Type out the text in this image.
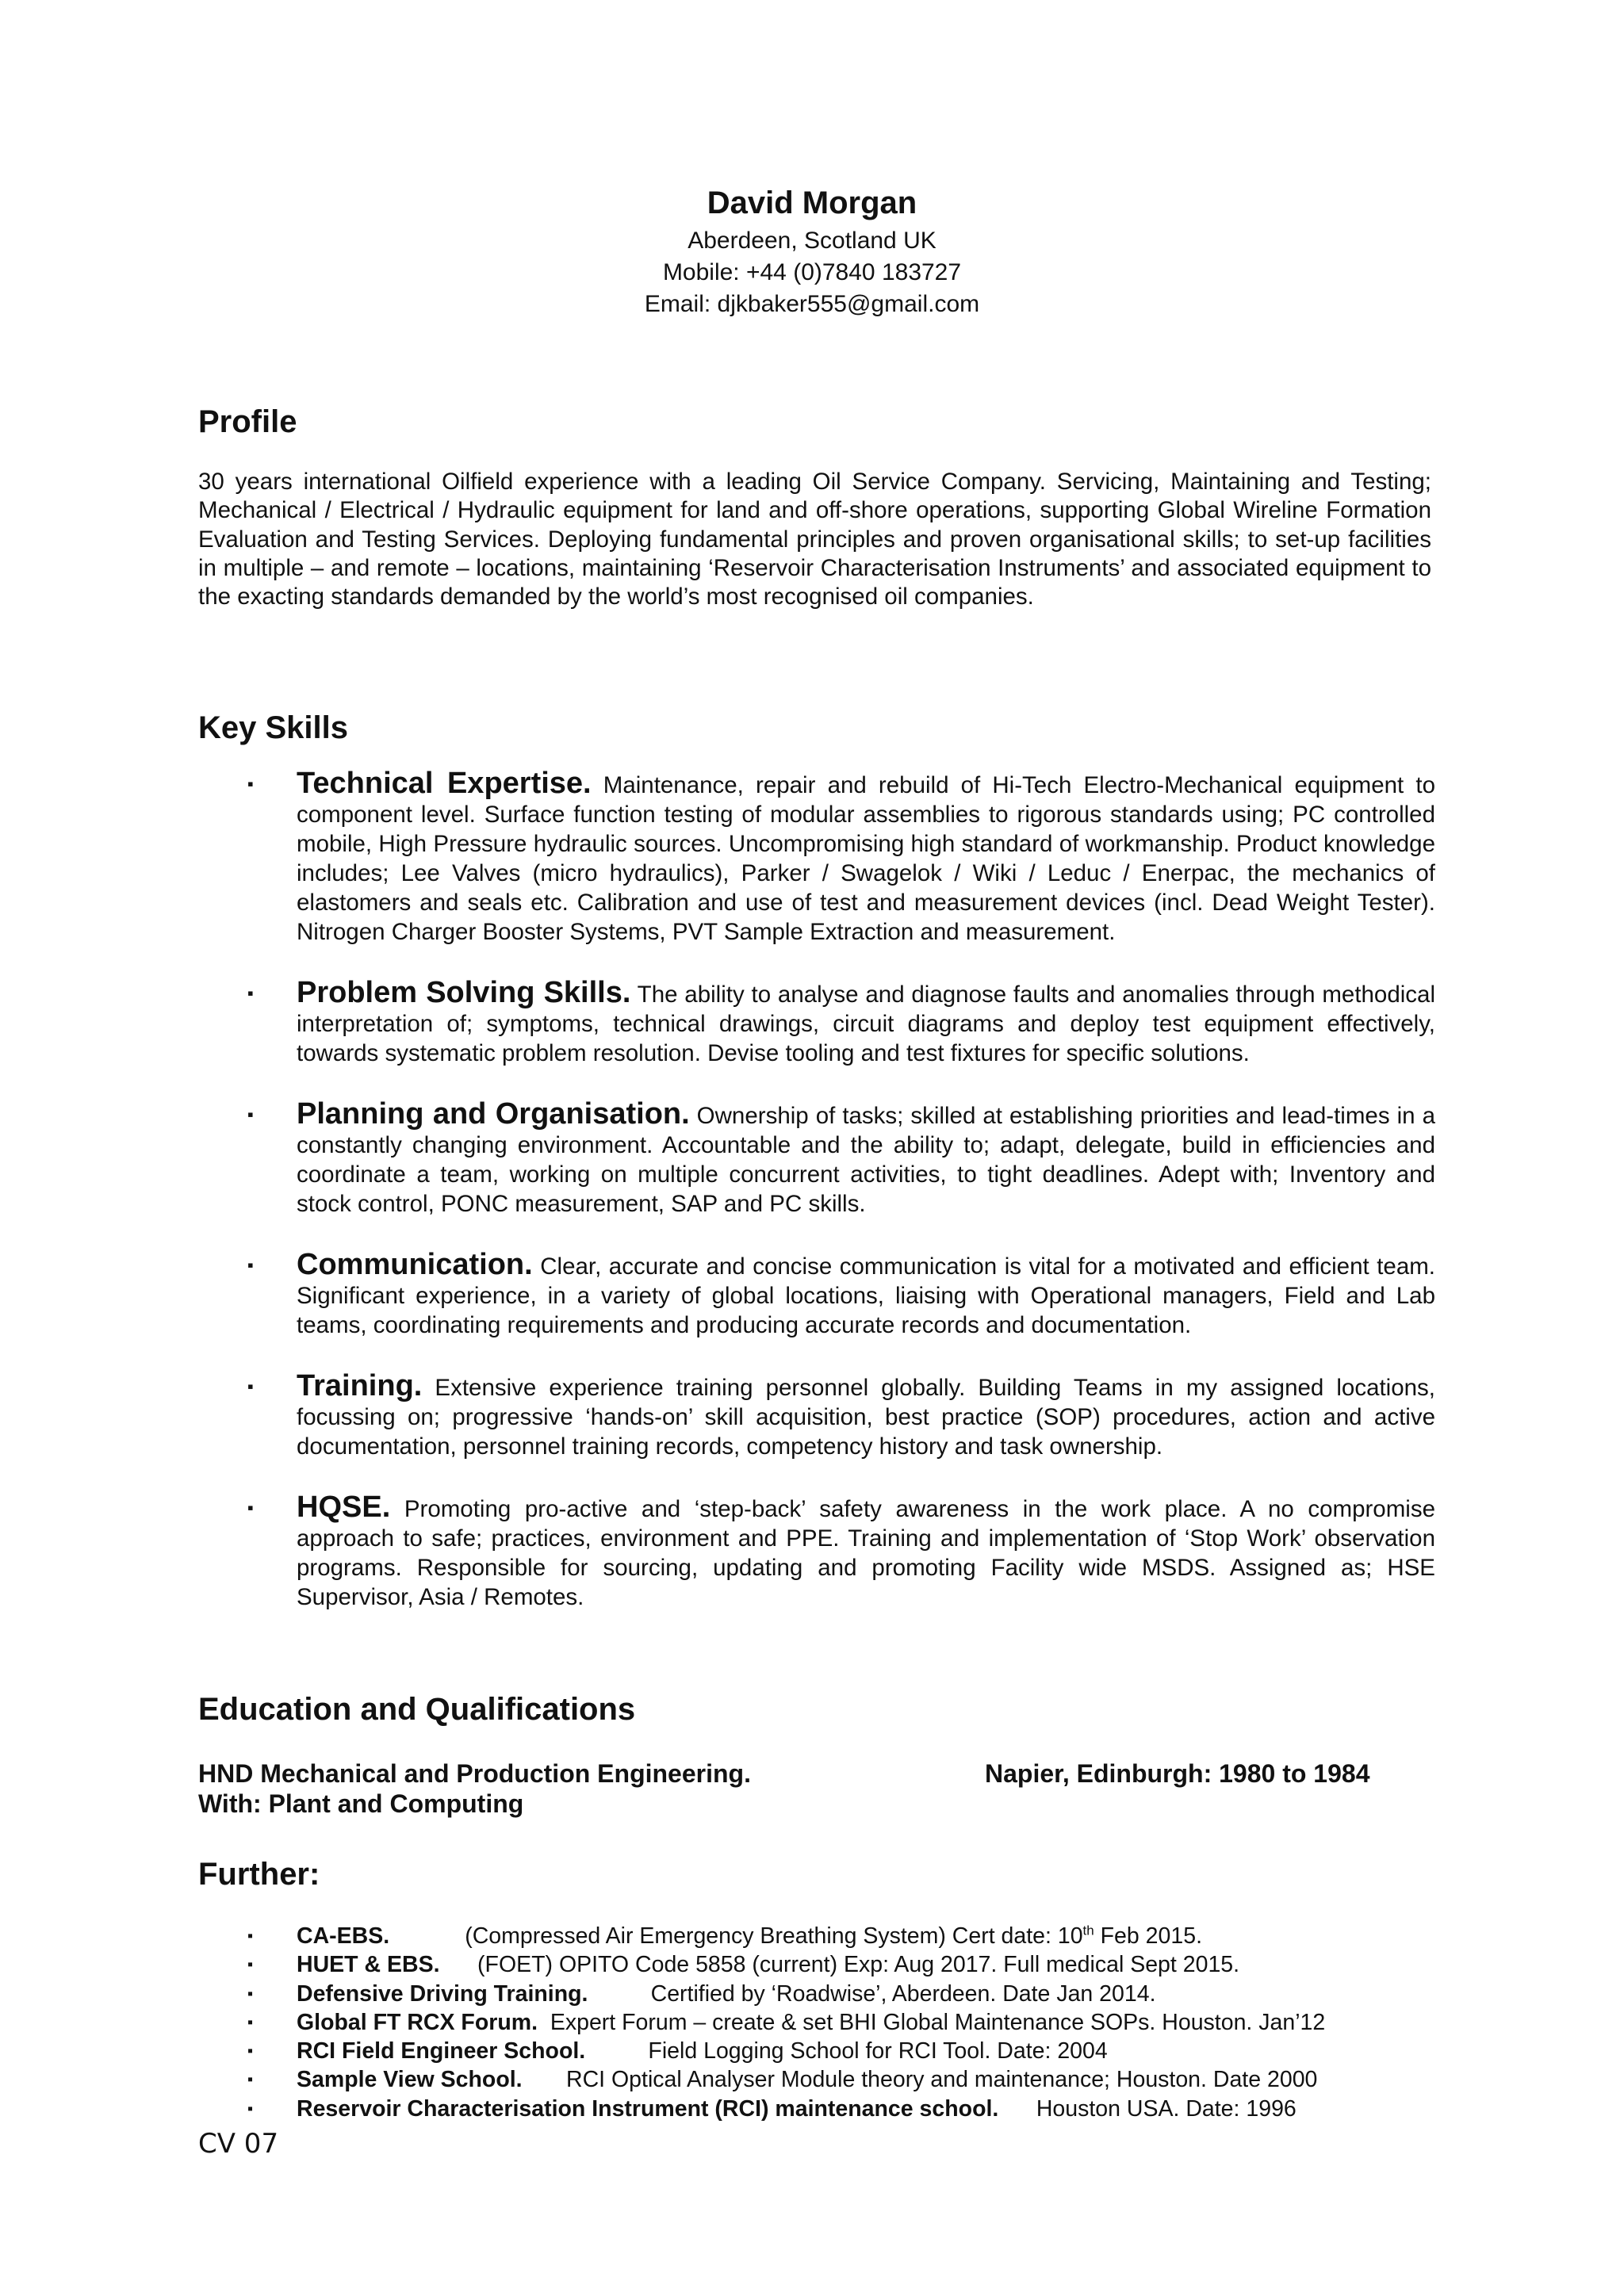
David Morgan
Aberdeen, Scotland UK
Mobile: +44 (0)7840 183727
Email: djkbaker555@gmail.com
Profile

30 years international Oilfield experience with a leading Oil Service Company. Servicing, Maintaining and Testing; Mechanical / Electrical / Hydraulic equipment for land and off-shore operations, supporting Global Wireline Formation Evaluation and Testing Services. Deploying fundamental principles and proven organisational skills; to set-up facilities in multiple – and remote – locations, maintaining ‘Reservoir Characterisation Instruments’ and associated equipment to the exacting standards demanded by the world’s most recognised oil companies.

Key Skills
▪ Technical Expertise. Maintenance, repair and rebuild of Hi-Tech Electro-Mechanical equipment to component level. Surface function testing of modular assemblies to rigorous standards using; PC controlled mobile, High Pressure hydraulic sources. Uncompromising high standard of workmanship. Product knowledge includes; Lee Valves (micro hydraulics), Parker / Swagelok / Wiki / Leduc / Enerpac, the mechanics of elastomers and seals etc. Calibration and use of test and measurement devices (incl. Dead Weight Tester). Nitrogen Charger Booster Systems, PVT Sample Extraction and measurement.
▪ Problem Solving Skills. The ability to analyse and diagnose faults and anomalies through methodical interpretation of; symptoms, technical drawings, circuit diagrams and deploy test equipment effectively, towards systematic problem resolution. Devise tooling and test fixtures for specific solutions.
▪ Planning and Organisation. Ownership of tasks; skilled at establishing priorities and lead-times in a constantly changing environment. Accountable and the ability to; adapt, delegate, build in efficiencies and coordinate a team, working on multiple concurrent activities, to tight deadlines. Adept with; Inventory and stock control, PONC measurement, SAP and PC skills.
▪ Communication. Clear, accurate and concise communication is vital for a motivated and efficient team. Significant experience, in a variety of global locations, liaising with Operational managers, Field and Lab teams, coordinating requirements and producing accurate records and documentation.
▪ Training. Extensive experience training personnel globally. Building Teams in my assigned locations, focussing on; progressive ‘hands-on’ skill acquisition, best practice (SOP) procedures, action and active documentation, personnel training records, competency history and task ownership.
▪ HQSE. Promoting pro-active and ‘step-back’ safety awareness in the work place. A no compromise approach to safe; practices, environment and PPE. Training and implementation of ‘Stop Work’ observation programs. Responsible for sourcing, updating and promoting Facility wide MSDS. Assigned as; HSE Supervisor, Asia / Remotes.
Education and Qualifications
HND Mechanical and Production Engineering.	Napier, Edinburgh: 1980 to 1984
With: Plant and Computing
Further:
▪ CA-EBS.	(Compressed Air Emergency Breathing System) Cert date: 10th Feb 2015.
▪ HUET & EBS. (FOET) OPITO Code 5858 (current) Exp: Aug 2017. Full medical Sept 2015.
▪ Defensive Driving Training.	Certified by ‘Roadwise’, Aberdeen. Date Jan 2014.
▪ Global FT RCX Forum. Expert Forum – create & set BHI Global Maintenance SOPs. Houston. Jan’12
▪ RCI Field Engineer School.	Field Logging School for RCI Tool. Date: 2004
▪ Sample View School. RCI Optical Analyser Module theory and maintenance; Houston. Date 2000
▪ Reservoir Characterisation Instrument (RCI) maintenance school. Houston USA. Date: 1996
CV 07
